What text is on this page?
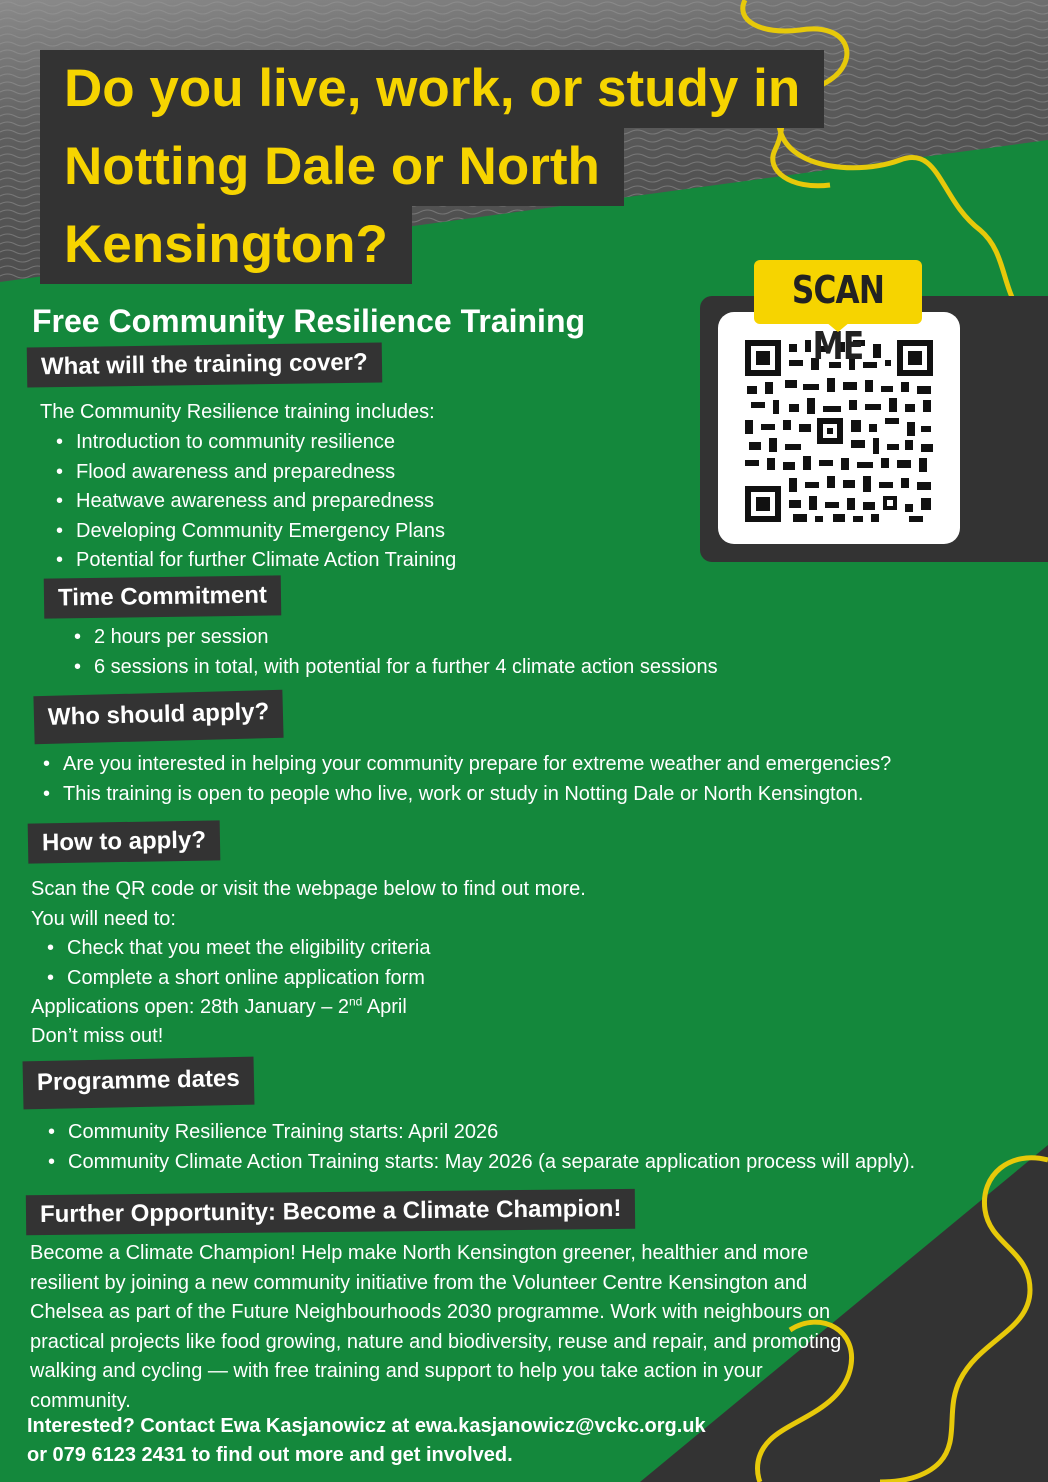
Do you live, work, or study in
Notting Dale or North
Kensington?
Free Community Resilience Training
SCAN ME
What will the training cover?
The Community Resilience training includes:
• Introduction to community resilience
• Flood awareness and preparedness
• Heatwave awareness and preparedness
• Developing Community Emergency Plans
• Potential for further Climate Action Training
Time Commitment
• 2 hours per session
• 6 sessions in total, with potential for a further 4 climate action sessions
Who should apply?
• Are you interested in helping your community prepare for extreme weather and emergencies?
• This training is open to people who live, work or study in Notting Dale or North Kensington.
How to apply?
Scan the QR code or visit the webpage below to find out more.
You will need to:
• Check that you meet the eligibility criteria
• Complete a short online application form
Applications open: 28th January – 2nd April
Don’t miss out!
Programme dates
• Community Resilience Training starts: April 2026
• Community Climate Action Training starts: May 2026 (a separate application process will apply).
Further Opportunity: Become a Climate Champion!
Become a Climate Champion! Help make North Kensington greener, healthier and more
resilient by joining a new community initiative from the Volunteer Centre Kensington and
Chelsea as part of the Future Neighbourhoods 2030 programme. Work with neighbours on
practical projects like food growing, nature and biodiversity, reuse and repair, and promoting
walking and cycling — with free training and support to help you take action in your
community.
Interested? Contact Ewa Kasjanowicz at ewa.kasjanowicz@vckc.org.uk
or 079 6123 2431 to find out more and get involved.
